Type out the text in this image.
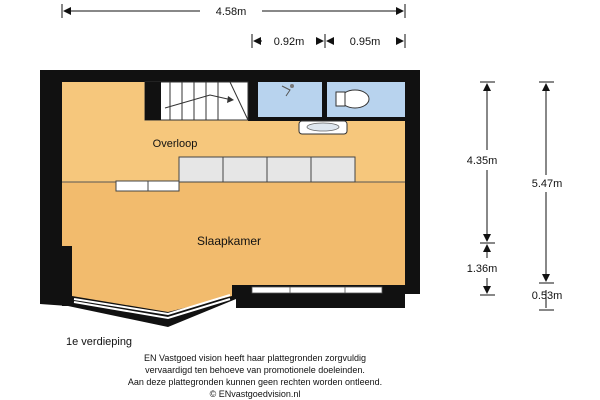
4.58m
0.92m	0.95m
4.35m
1.36m
5.47m
0.53m
Overloop
Slaapkamer
1e verdieping
EN Vastgoed vision heeft haar plattegronden zorgvuldig
vervaardigd ten behoeve van promotionele doeleinden.
Aan deze plattegronden kunnen geen rechten worden ontleend.
© ENvastgoedvision.nl
